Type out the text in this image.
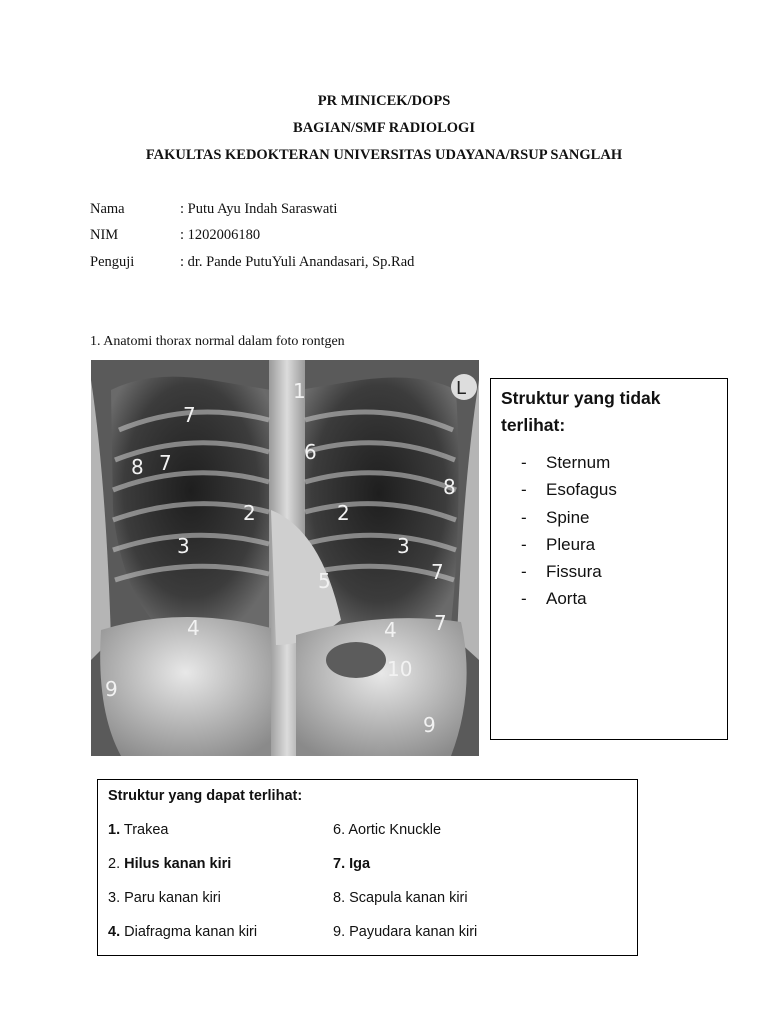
PR MINICEK/DOPS
BAGIAN/SMF RADIOLOGI
FAKULTAS KEDOKTERAN UNIVERSITAS UDAYANA/RSUP SANGLAH
Nama	: Putu Ayu Indah Saraswati
NIM	: 1202006180
Penguji	: dr. Pande PutuYuli Anandasari, Sp.Rad
1. Anatomi thorax normal dalam foto rontgen
L
1
7
6
8 7
8
2	2
3	3
7
5
4	4 7
10
9
9
Struktur yang tidak terlihat:
- Sternum
- Esofagus
- Spine
- Pleura
- Fissura
- Aorta
Struktur yang dapat terlihat:
1. Trakea
2. Hilus kanan kiri
3. Paru kanan kiri
4. Diafragma kanan kiri
6. Aortic Knuckle
7. Iga
8. Scapula kanan kiri
9. Payudara kanan kiri
